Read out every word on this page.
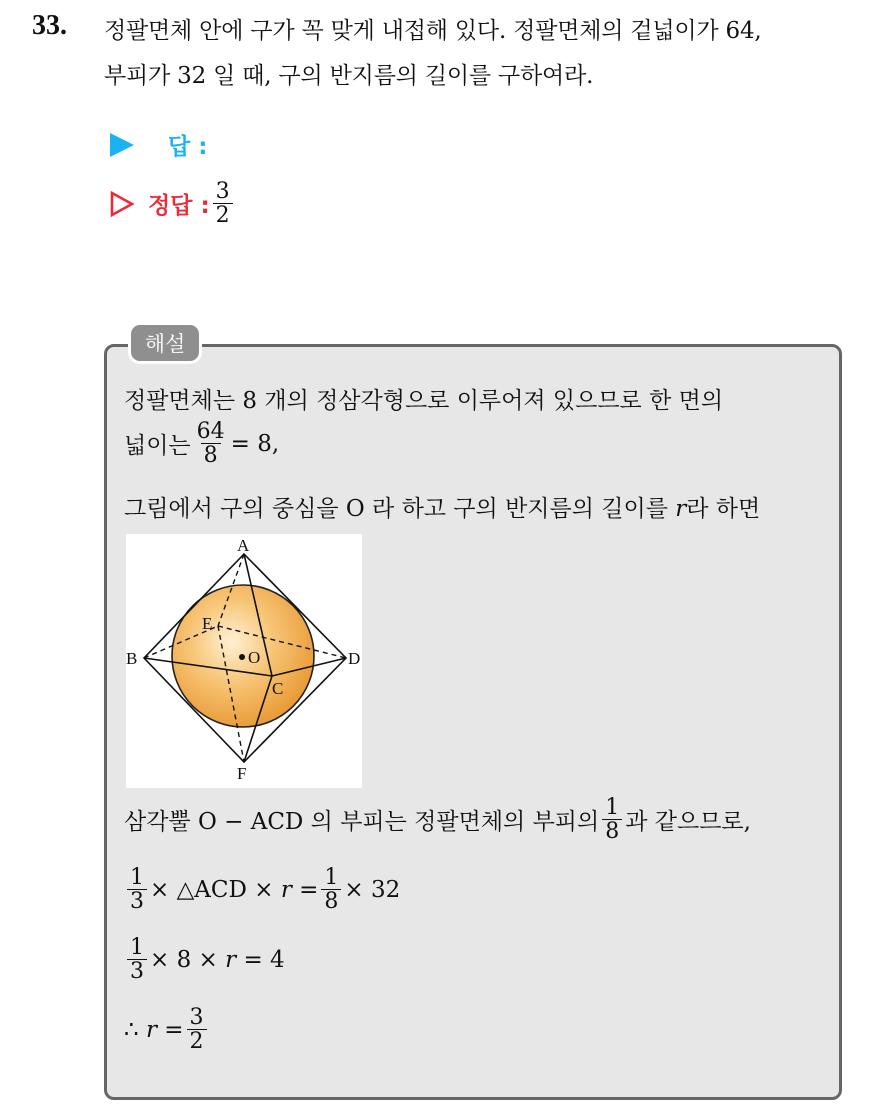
33. 정팔면체 안에 구가 꼭 맞게 내접해 있다. 정팔면체의 겉넓이가 64,
부피가 32 일 때, 구의 반지름의 길이를 구하여라.
답 :
정답 : $\frac{3}{2}$
해설
정팔면체는 8 개의 정삼각형으로 이루어져 있으므로 한 면의
넓이는 $\frac{64}{8} = 8$,
그림에서 구의 중심을 O 라 하고 구의 반지름의 길이를 r라 하면
A
B
C
D
E
F
O
삼각뿔 O − ACD 의 부피는 정팔면체의 부피의 $\frac{1}{8}$ 과 같으므로,
$\frac{1}{3}$ × △ACD ×
r
= $\frac{1}{8} \times 32$
$\frac{1}{3} \times 8$ ×
r
= 4
∴
r
= $\frac{3}{2}$
